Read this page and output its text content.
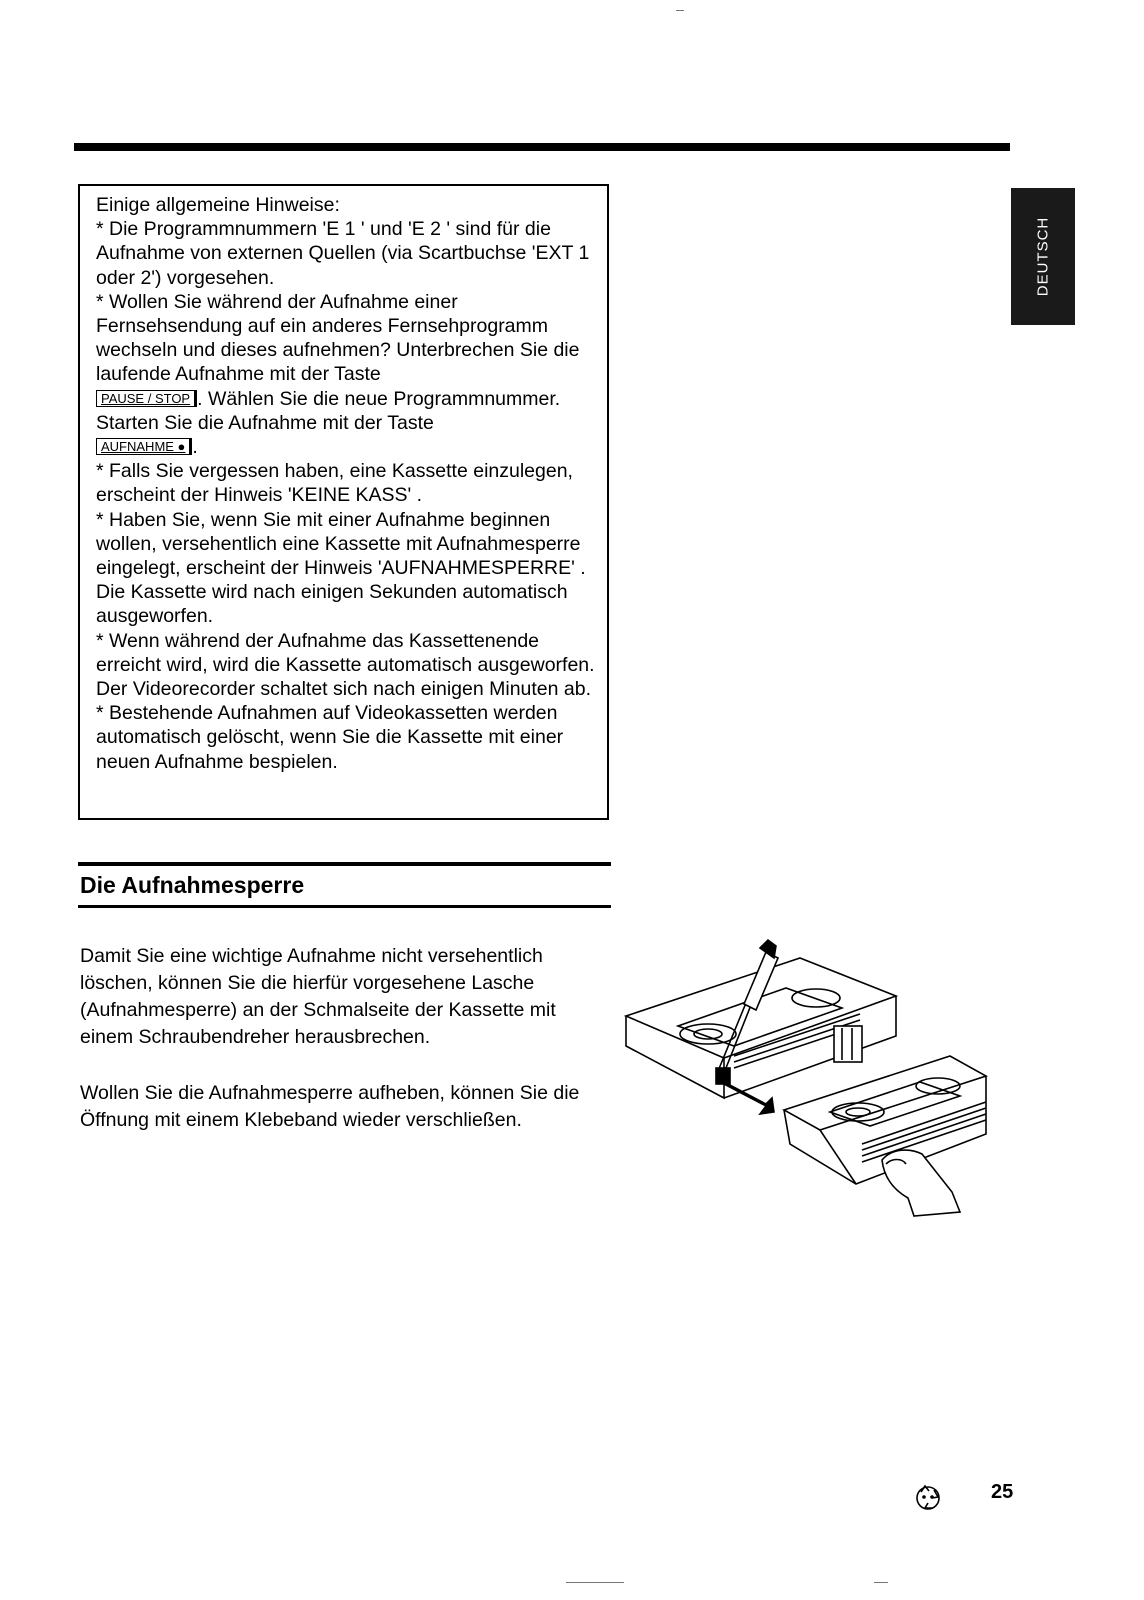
DEUTSCH

Einige allgemeine Hinweise:

* Die Programmnummern 'E 1 ' und 'E 2 ' sind für die Aufnahme von externen Quellen (via Scartbuchse 'EXT 1 oder 2') vorgesehen.

* Wollen Sie während der Aufnahme einer Fernsehsendung auf ein anderes Fernsehprogramm wechseln und dieses aufnehmen? Unterbrechen Sie die laufende Aufnahme mit der Taste
PAUSE / STOP . Wählen Sie die neue Programmnummer. Starten Sie die Aufnahme mit der Taste
AUFNAHME ● .

* Falls Sie vergessen haben, eine Kassette einzulegen, erscheint der Hinweis 'KEINE KASS' .

* Haben Sie, wenn Sie mit einer Aufnahme beginnen wollen, versehentlich eine Kassette mit Aufnahmesperre eingelegt, erscheint der Hinweis 'AUFNAHMESPERRE' .

Die Kassette wird nach einigen Sekunden automatisch ausgeworfen.

* Wenn während der Aufnahme das Kassettenende erreicht wird, wird die Kassette automatisch ausgeworfen. Der Videorecorder schaltet sich nach einigen Minuten ab.

* Bestehende Aufnahmen auf Videokassetten werden automatisch gelöscht, wenn Sie die Kassette mit einer neuen Aufnahme bespielen.

Die Aufnahmesperre

Damit Sie eine wichtige Aufnahme nicht versehentlich löschen, können Sie die hierfür vorgesehene Lasche (Aufnahmesperre) an der Schmalseite der Kassette mit einem Schraubendreher herausbrechen.

Wollen Sie die Aufnahmesperre aufheben, können Sie die Öffnung mit einem Klebeband wieder verschließen.

25
